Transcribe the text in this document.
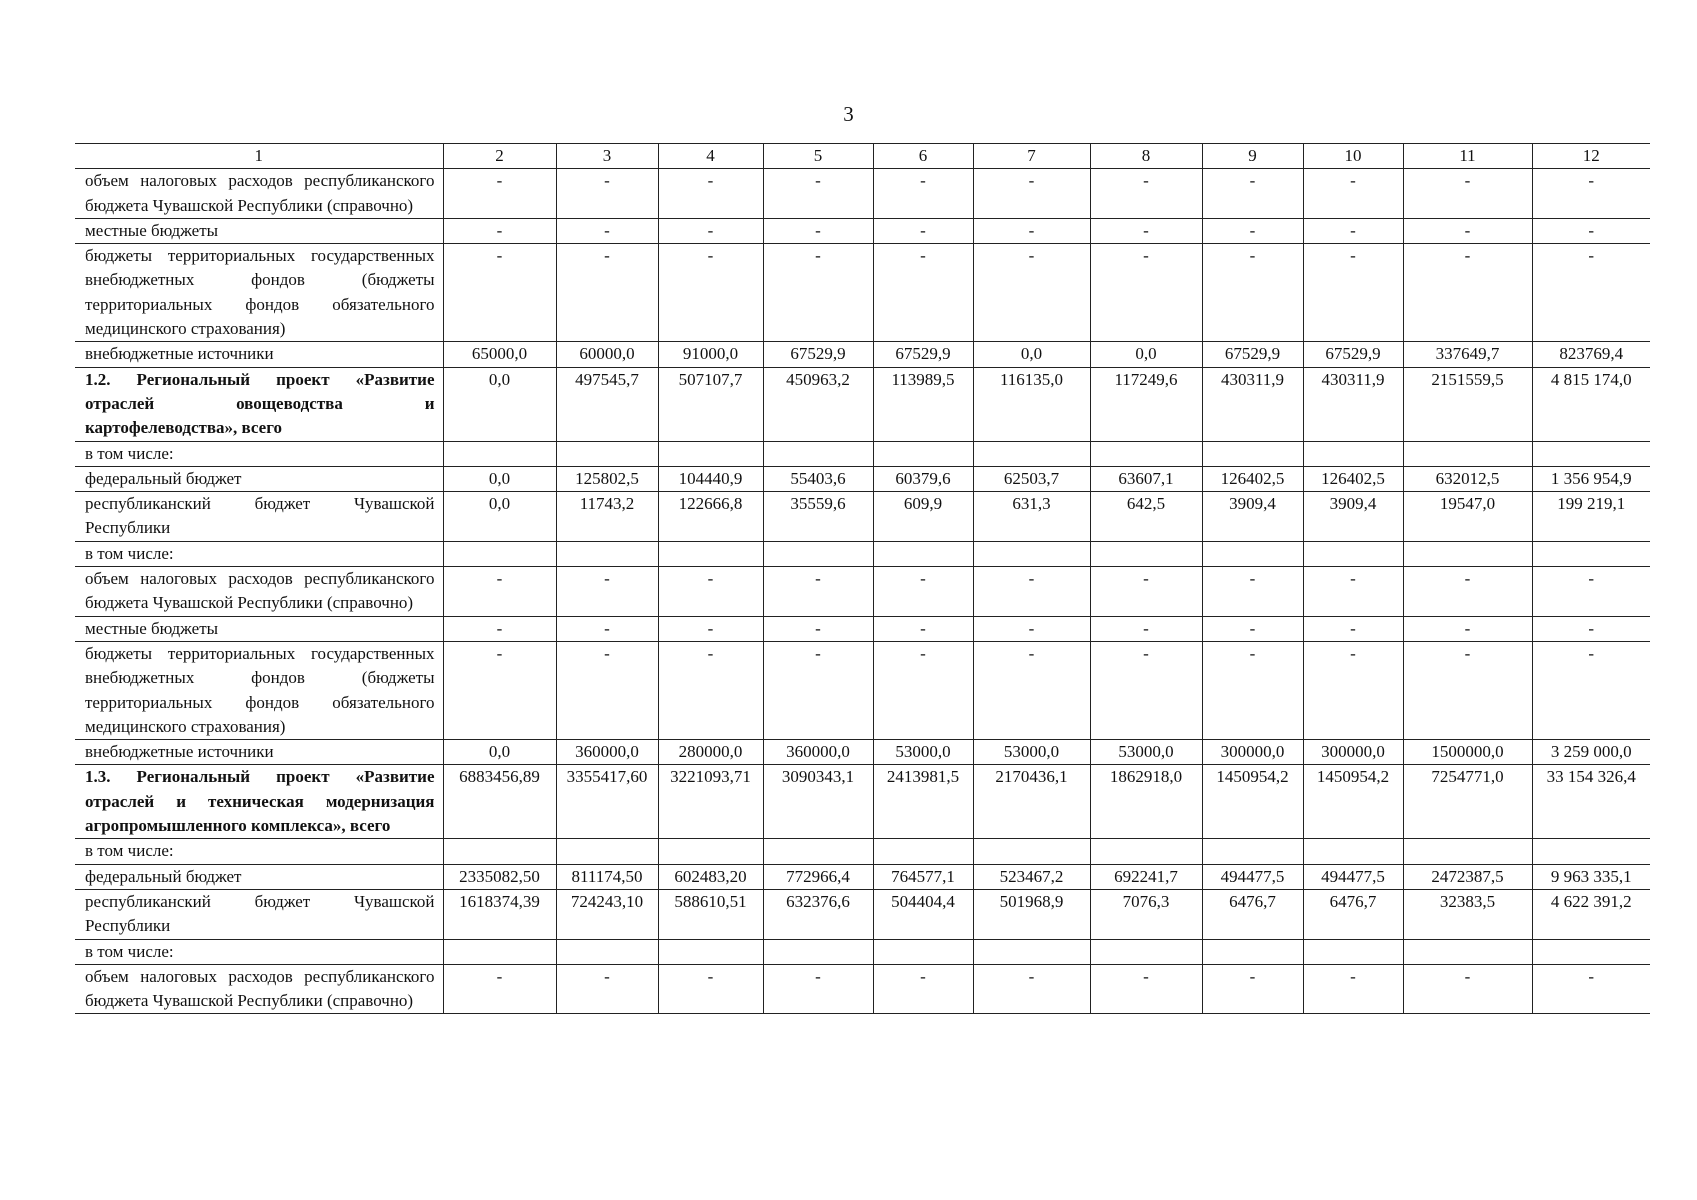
3
1	2	3	4	5	6	7	8	9	10	11	12
объем налоговых расходов республиканского бюджета Чувашской Республики (справочно)	-	-	-	-	-	-	-	-	-	-	-
местные бюджеты	-	-	-	-	-	-	-	-	-	-	-
бюджеты территориальных государственных внебюджетных фондов (бюджеты территориальных фондов обязательного медицинского страхования)	-	-	-	-	-	-	-	-	-	-	-
внебюджетные источники	65000,0	60000,0	91000,0	67529,9	67529,9	0,0	0,0	67529,9	67529,9	337649,7	823769,4
1.2. Региональный проект «Развитие отраслей овощеводства и картофелеводства», всего	0,0	497545,7	507107,7	450963,2	113989,5	116135,0	117249,6	430311,9	430311,9	2151559,5	4 815 174,0
в том числе:											
федеральный бюджет	0,0	125802,5	104440,9	55403,6	60379,6	62503,7	63607,1	126402,5	126402,5	632012,5	1 356 954,9
республиканский бюджет Чувашской Республики	0,0	11743,2	122666,8	35559,6	609,9	631,3	642,5	3909,4	3909,4	19547,0	199 219,1
в том числе:											
объем налоговых расходов республиканского бюджета Чувашской Республики (справочно)	-	-	-	-	-	-	-	-	-	-	-
местные бюджеты	-	-	-	-	-	-	-	-	-	-	-
бюджеты территориальных государственных внебюджетных фондов (бюджеты территориальных фондов обязательного медицинского страхования)	-	-	-	-	-	-	-	-	-	-	-
внебюджетные источники	0,0	360000,0	280000,0	360000,0	53000,0	53000,0	53000,0	300000,0	300000,0	1500000,0	3 259 000,0
1.3. Региональный проект «Развитие отраслей и техническая модернизация агропромышленного комплекса», всего	6883456,89	3355417,60	3221093,71	3090343,1	2413981,5	2170436,1	1862918,0	1450954,2	1450954,2	7254771,0	33 154 326,4
в том числе:											
федеральный бюджет	2335082,50	811174,50	602483,20	772966,4	764577,1	523467,2	692241,7	494477,5	494477,5	2472387,5	9 963 335,1
республиканский бюджет Чувашской Республики	1618374,39	724243,10	588610,51	632376,6	504404,4	501968,9	7076,3	6476,7	6476,7	32383,5	4 622 391,2
в том числе:											
объем налоговых расходов республиканского бюджета Чувашской Республики (справочно)	-	-	-	-	-	-	-	-	-	-	-
